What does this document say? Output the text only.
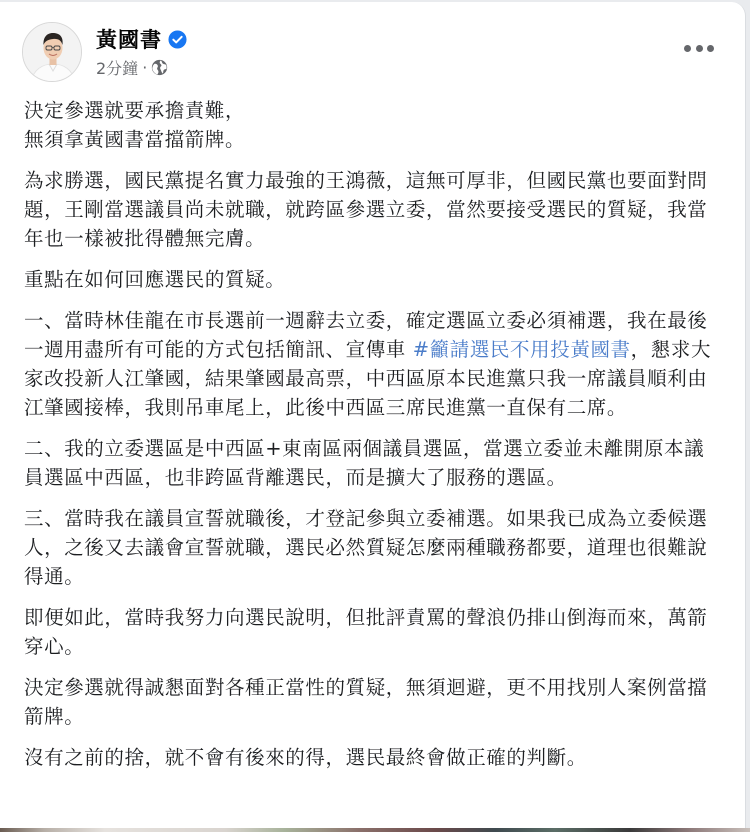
黃國書
2分鐘 ·

決定參選就要承擔責難，
無須拿黃國書當擋箭牌。

為求勝選，國民黨提名實力最強的王鴻薇，這無可厚非，但國民黨也要面對問題，王剛當選議員尚未就職，就跨區參選立委，當然要接受選民的質疑，我當年也一樣被批得體無完膚。

重點在如何回應選民的質疑。

一、當時林佳龍在市長選前一週辭去立委，確定選區立委必須補選，我在最後一週用盡所有可能的方式包括簡訊、宣傳車 #籲請選民不用投黃國書，懇求大家改投新人江肇國，結果肇國最高票，中西區原本民進黨只我一席議員順利由江肇國接棒，我則吊車尾上，此後中西區三席民進黨一直保有二席。

二、我的立委選區是中西區+東南區兩個議員選區，當選立委並未離開原本議員選區中西區，也非跨區背離選民，而是擴大了服務的選區。

三、當時我在議員宣誓就職後，才登記參與立委補選。如果我已成為立委候選人，之後又去議會宣誓就職，選民必然質疑怎麼兩種職務都要，道理也很難說得通。

即便如此，當時我努力向選民說明，但批評責罵的聲浪仍排山倒海而來，萬箭穿心。

決定參選就得誠懇面對各種正當性的質疑，無須迴避，更不用找別人案例當擋箭牌。

沒有之前的捨，就不會有後來的得，選民最終會做正確的判斷。
